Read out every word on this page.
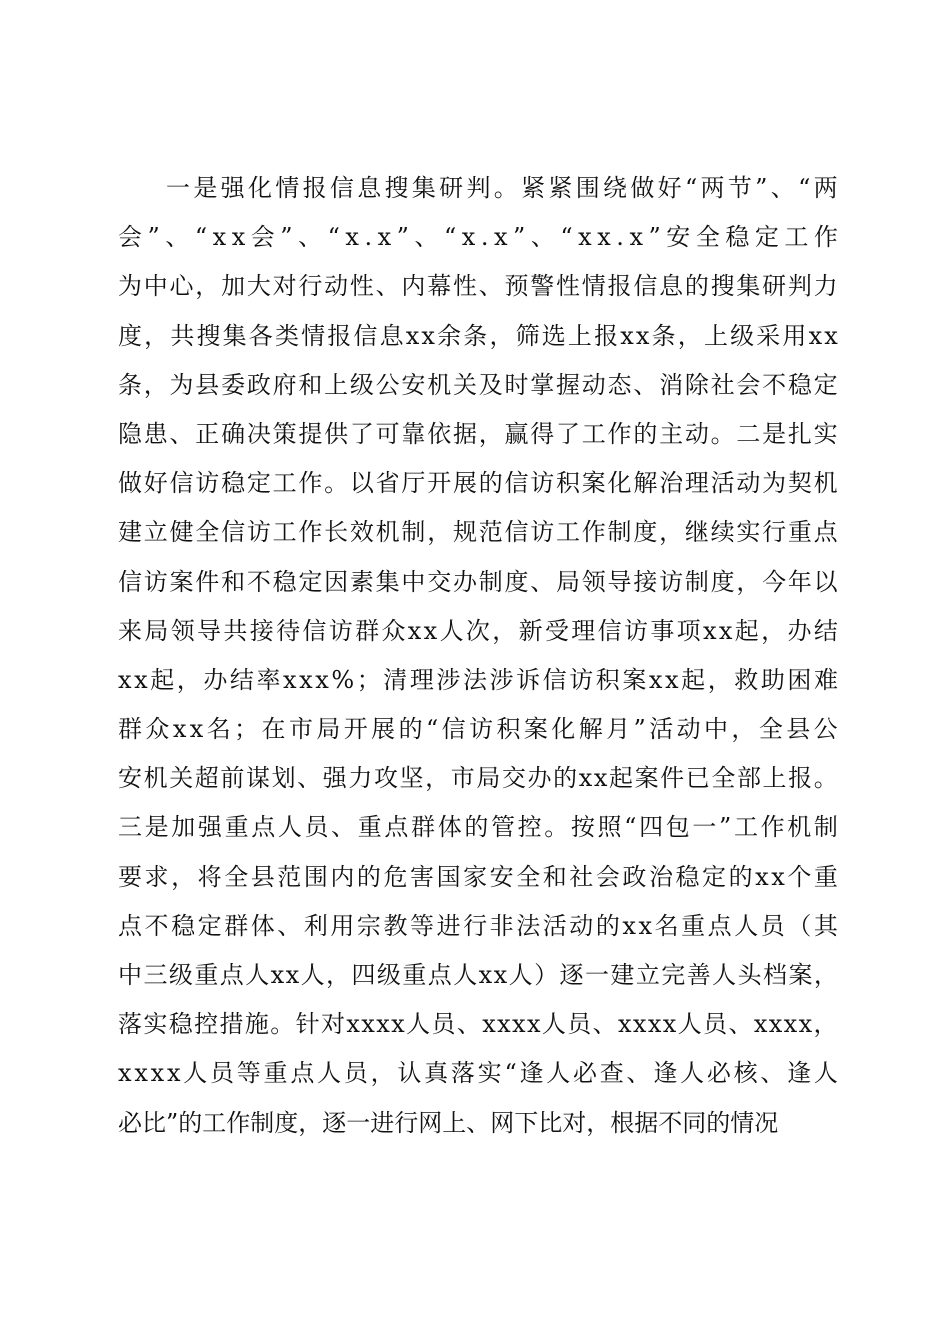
一 是 强 化 情 报 信 息 搜 集 研 判 。 紧 紧 围 绕 做 好 “ 两 节 ” 、 “ 两
会 ” 、 “ x x 会 ” 、 “ x . x ” 、 “ x . x ” 、 “ x x . x ” 安 全 稳 定 工 作
为 中 心 ， 加 大 对 行 动 性 、 内 幕 性 、 预 警 性 情 报 信 息 的 搜 集 研 判 力
度 ， 共 搜 集 各 类 情 报 信 息 x x 余 条 ， 筛 选 上 报 x x 条 ， 上 级 采 用 x x
条 ， 为 县 委 政 府 和 上 级 公 安 机 关 及 时 掌 握 动 态 、 消 除 社 会 不 稳 定
隐 患 、 正 确 决 策 提 供 了 可 靠 依 据 ， 赢 得 了 工 作 的 主 动 。 二 是 扎 实
做 好 信 访 稳 定 工 作 。 以 省 厅 开 展 的 信 访 积 案 化 解 治 理 活 动 为 契 机
建 立 健 全 信 访 工 作 长 效 机 制 ， 规 范 信 访 工 作 制 度 ， 继 续 实 行 重 点
信 访 案 件 和 不 稳 定 因 素 集 中 交 办 制 度 、 局 领 导 接 访 制 度 ， 今 年 以
来 局 领 导 共 接 待 信 访 群 众 x x 人 次 ， 新 受 理 信 访 事 项 x x 起 ， 办 结
x x 起 ， 办 结 率 x x x % ； 清 理 涉 法 涉 诉 信 访 积 案 x x 起 ， 救 助 困 难
群 众 x x 名 ； 在 市 局 开 展 的 “ 信 访 积 案 化 解 月 ” 活 动 中 ， 全 县 公
安 机 关 超 前 谋 划 、 强 力 攻 坚 ， 市 局 交 办 的 x x 起 案 件 已 全 部 上 报 。
三 是 加 强 重 点 人 员 、 重 点 群 体 的 管 控 。 按 照 “ 四 包 一 ” 工 作 机 制
要 求 ， 将 全 县 范 围 内 的 危 害 国 家 安 全 和 社 会 政 治 稳 定 的 x x 个 重
点 不 稳 定 群 体 、 利 用 宗 教 等 进 行 非 法 活 动 的 x x 名 重 点 人 员 （ 其
中 三 级 重 点 人 x x 人 ， 四 级 重 点 人 x x 人 ） 逐 一 建 立 完 善 人 头 档 案 ，
落 实 稳 控 措 施 。 针 对 x x x x 人 员 、 x x x x 人 员 、 x x x x 人 员 、 x x x x ，
x x x x 人 员 等 重 点 人 员 ， 认 真 落 实 “ 逢 人 必 查 、 逢 人 必 核 、 逢 人
必比”的工作制度，逐一进行网上、网下比对，根据不同的情况
